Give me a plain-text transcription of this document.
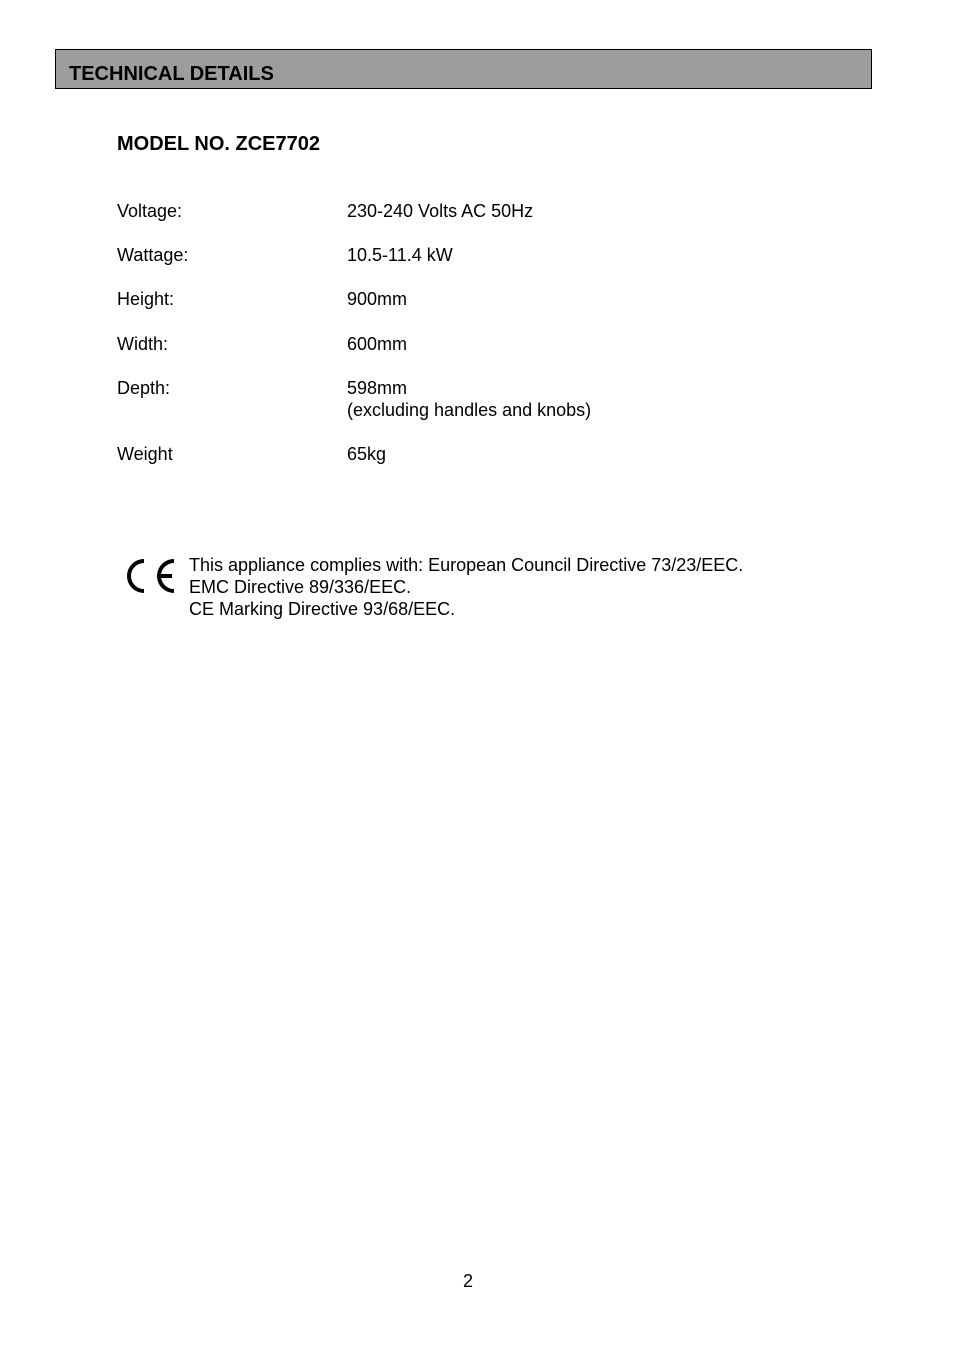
TECHNICAL DETAILS
MODEL NO. ZCE7702
Voltage:	230-240 Volts AC 50Hz
Wattage:	10.5-11.4 kW
Height:	900mm
Width:	600mm
Depth:	598mm
(excluding handles and knobs)
Weight	65kg
This appliance complies with: European Council Directive 73/23/EEC.
EMC Directive 89/336/EEC.
CE Marking Directive 93/68/EEC.
2
